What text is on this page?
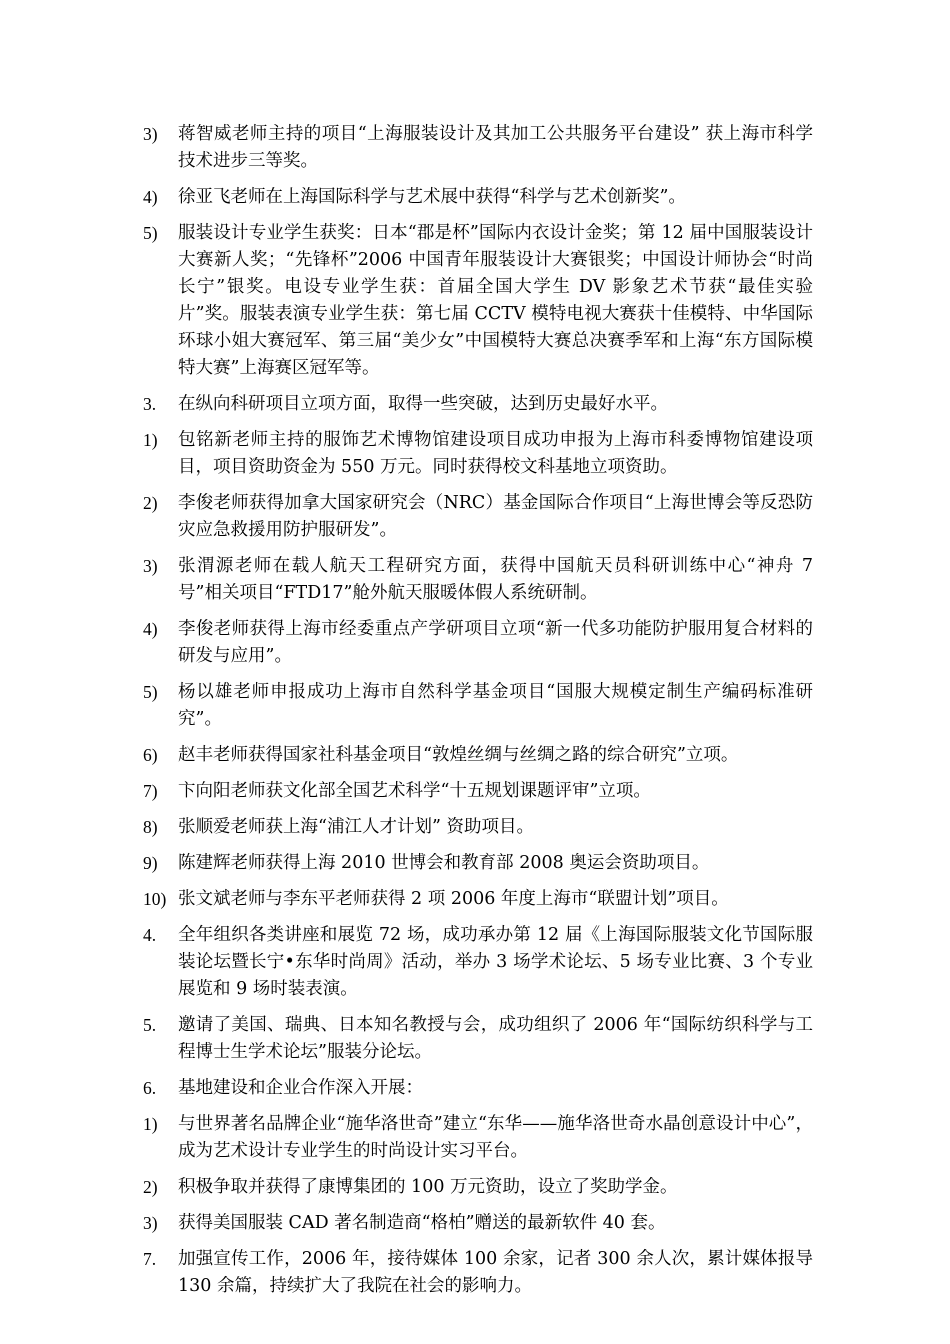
3)	蒋智威老师主持的项目“上海服装设计及其加工公共服务平台建设” 获上海市科学技术进步三等奖。
4)	徐亚飞老师在上海国际科学与艺术展中获得“科学与艺术创新奖”。
5)	服装设计专业学生获奖：日本“郡是杯”国际内衣设计金奖；第 12 届中国服装设计大赛新人奖；“先锋杯”2006 中国青年服装设计大赛银奖；中国设计师协会“时尚长宁”银奖。电设专业学生获：首届全国大学生 DV 影象艺术节获“最佳实验片”奖。服装表演专业学生获：第七届 CCTV 模特电视大赛获十佳模特、中华国际环球小姐大赛冠军、第三届“美少女”中国模特大赛总决赛季军和上海“东方国际模特大赛”上海赛区冠军等。
3.	在纵向科研项目立项方面，取得一些突破，达到历史最好水平。
1)	包铭新老师主持的服饰艺术博物馆建设项目成功申报为上海市科委博物馆建设项目，项目资助资金为 550 万元。同时获得校文科基地立项资助。
2)	李俊老师获得加拿大国家研究会（NRC）基金国际合作项目“上海世博会等反恐防灾应急救援用防护服研发”。
3)	张渭源老师在载人航天工程研究方面，获得中国航天员科研训练中心“神舟 7 号”相关项目“FTD17”舱外航天服暖体假人系统研制。
4)	李俊老师获得上海市经委重点产学研项目立项“新一代多功能防护服用复合材料的研发与应用”。
5)	杨以雄老师申报成功上海市自然科学基金项目“国服大规模定制生产编码标准研究”。
6)	赵丰老师获得国家社科基金项目“敦煌丝绸与丝绸之路的综合研究”立项。
7)	卞向阳老师获文化部全国艺术科学“十五规划课题评审”立项。
8)	张顺爱老师获上海“浦江人才计划” 资助项目。
9)	陈建辉老师获得上海 2010 世博会和教育部 2008 奥运会资助项目。
10) 张文斌老师与李东平老师获得 2 项 2006 年度上海市“联盟计划”项目。
4.	全年组织各类讲座和展览 72 场，成功承办第 12 届《上海国际服装文化节国际服装论坛暨长宁•东华时尚周》活动，举办 3 场学术论坛、5 场专业比赛、3 个专业展览和 9 场时装表演。
5.	邀请了美国、瑞典、日本知名教授与会，成功组织了 2006 年“国际纺织科学与工程博士生学术论坛”服装分论坛。
6.	基地建设和企业合作深入开展：
1)	与世界著名品牌企业“施华洛世奇”建立“东华——施华洛世奇水晶创意设计中心”，成为艺术设计专业学生的时尚设计实习平台。
2)	积极争取并获得了康博集团的 100 万元资助，设立了奖助学金。
3)	获得美国服装 CAD 著名制造商“格柏”赠送的最新软件 40 套。
7.	加强宣传工作，2006 年，接待媒体 100 余家，记者 300 余人次，累计媒体报导 130 余篇，持续扩大了我院在社会的影响力。
